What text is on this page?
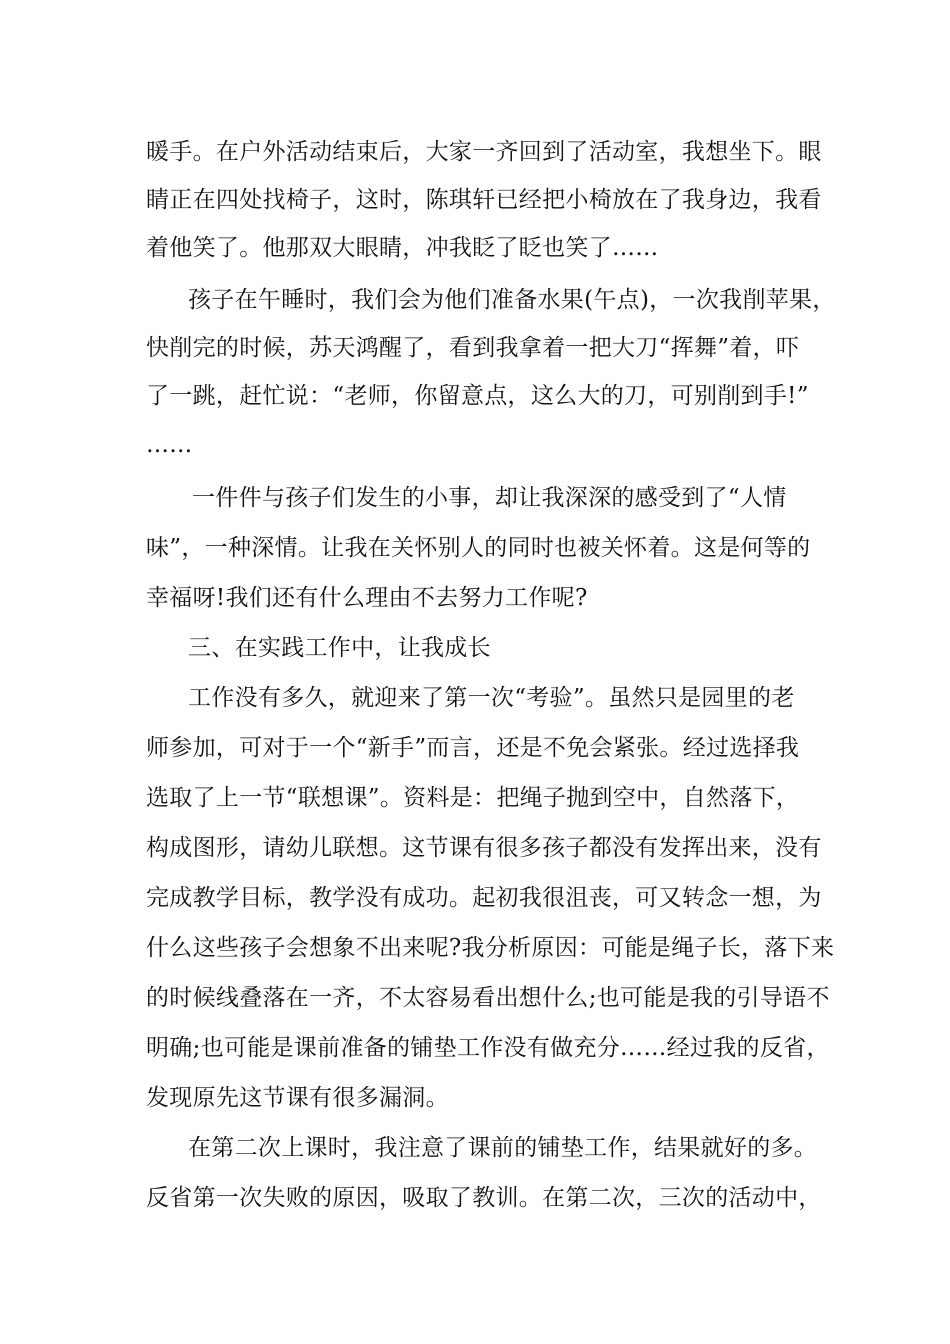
暖手。在户外活动结束后，大家一齐回到了活动室，我想坐下。眼
睛正在四处找椅子，这时，陈琪轩已经把小椅放在了我身边，我看
着他笑了。他那双大眼睛，冲我眨了眨也笑了……
孩子在午睡时，我们会为他们准备水果(午点)，一次我削苹果，
快削完的时候，苏天鸿醒了，看到我拿着一把大刀“挥舞”着，吓
了一跳，赶忙说：“老师，你留意点，这么大的刀，可别削到手!”
……
一件件与孩子们发生的小事，却让我深深的感受到了“人情
味”，一种深情。让我在关怀别人的同时也被关怀着。这是何等的
幸福呀!我们还有什么理由不去努力工作呢?
三、在实践工作中，让我成长
工作没有多久，就迎来了第一次“考验”。虽然只是园里的老
师参加，可对于一个“新手”而言，还是不免会紧张。经过选择我
选取了上一节“联想课”。资料是：把绳子抛到空中，自然落下，
构成图形，请幼儿联想。这节课有很多孩子都没有发挥出来，没有
完成教学目标，教学没有成功。起初我很沮丧，可又转念一想，为
什么这些孩子会想象不出来呢?我分析原因：可能是绳子长，落下来
的时候线叠落在一齐，不太容易看出想什么;也可能是我的引导语不
明确;也可能是课前准备的铺垫工作没有做充分……经过我的反省，
发现原先这节课有很多漏洞。
在第二次上课时，我注意了课前的铺垫工作，结果就好的多。
反省第一次失败的原因，吸取了教训。在第二次，三次的活动中，
